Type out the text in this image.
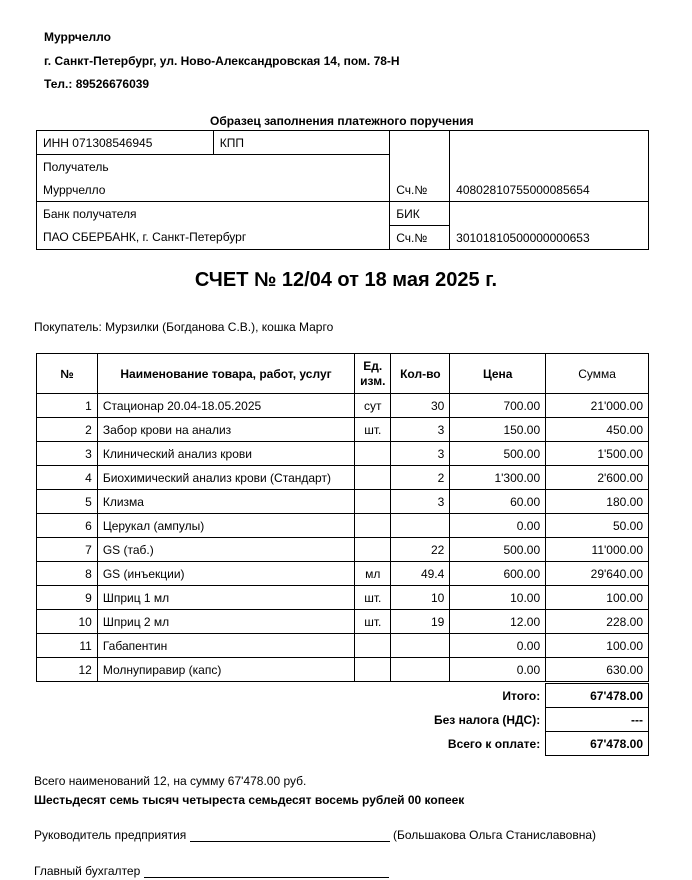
Муррчелло
г. Санкт-Петербург, ул. Ново-Александровская 14, пом. 78-Н
Тел.: 89526676039
Образец заполнения платежного поручения
ИНН 071308546945	КПП		
Получатель			
Муррчелло		Сч.№	40802810755000085654
Банк получателя		БИК	30101810500000000653
ПАО СБЕРБАНК, г. Санкт-Петербург		Сч.№	
СЧЕТ № 12/04 от 18 мая 2025 г.
Покупатель: Мурзилки (Богданова С.В.), кошка Марго
№	Наименование товара, работ, услуг	Ед.
изм.	Кол-во	Цена	Сумма
1	Стационар 20.04-18.05.2025	сут	30	700.00	21'000.00
2	Забор крови на анализ	шт.	3	150.00	450.00
3	Клинический анализ крови		3	500.00	1'500.00
4	Биохимический анализ крови (Стандарт)		2	1'300.00	2'600.00
5	Клизма		3	60.00	180.00
6	Церукал (ампулы)			0.00	50.00
7	GS (таб.)		22	500.00	11'000.00
8	GS (инъекции)	мл	49.4	600.00	29'640.00
9	Шприц 1 мл	шт.	10	10.00	100.00
10	Шприц 2 мл	шт.	19	12.00	228.00
11	Габапентин			0.00	100.00
12	Молнупиравир (капс)			0.00	630.00
Итого:	67'478.00
Без налога (НДС):	---
Всего к оплате:	67'478.00
Всего наименований 12, на сумму 67'478.00 руб.
Шестьдесят семь тысяч четыреста семьдесят восемь рублей 00 копеек
Руководитель предприятия	(Большакова Ольга Станиславовна)
Главный бухгалтер
